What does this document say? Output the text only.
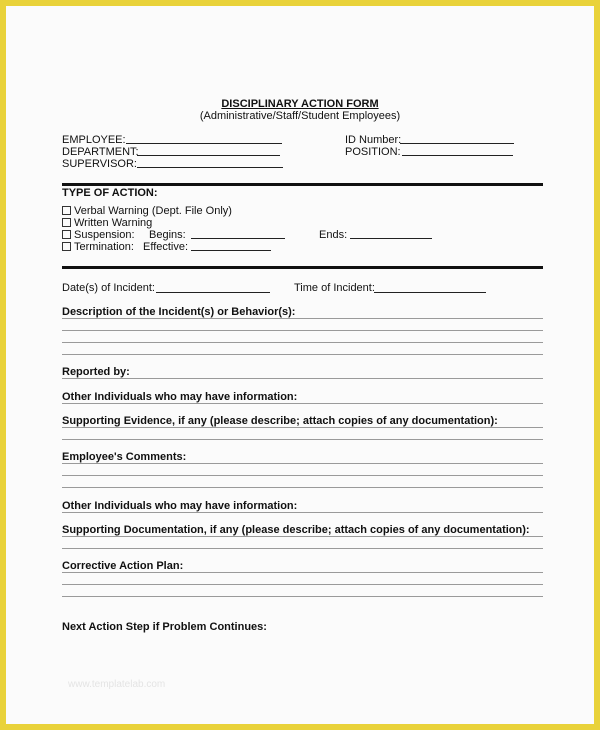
DISCIPLINARY ACTION FORM
(Administrative/Staff/Student Employees)
EMPLOYEE:
DEPARTMENT:
SUPERVISOR:
ID Number:
POSITION:
TYPE OF ACTION:
Verbal Warning (Dept. File Only)
Written Warning
Suspension: Begins:	Ends:
Termination: Effective:
Date(s) of Incident:	Time of Incident:
Description of the Incident(s) or Behavior(s):
Reported by:
Other Individuals who may have information:
Supporting Evidence, if any (please describe; attach copies of any documentation):
Employee's Comments:
Other Individuals who may have information:
Supporting Documentation, if any (please describe; attach copies of any documentation):
Corrective Action Plan:
Next Action Step if Problem Continues:
www.templatelab.com
